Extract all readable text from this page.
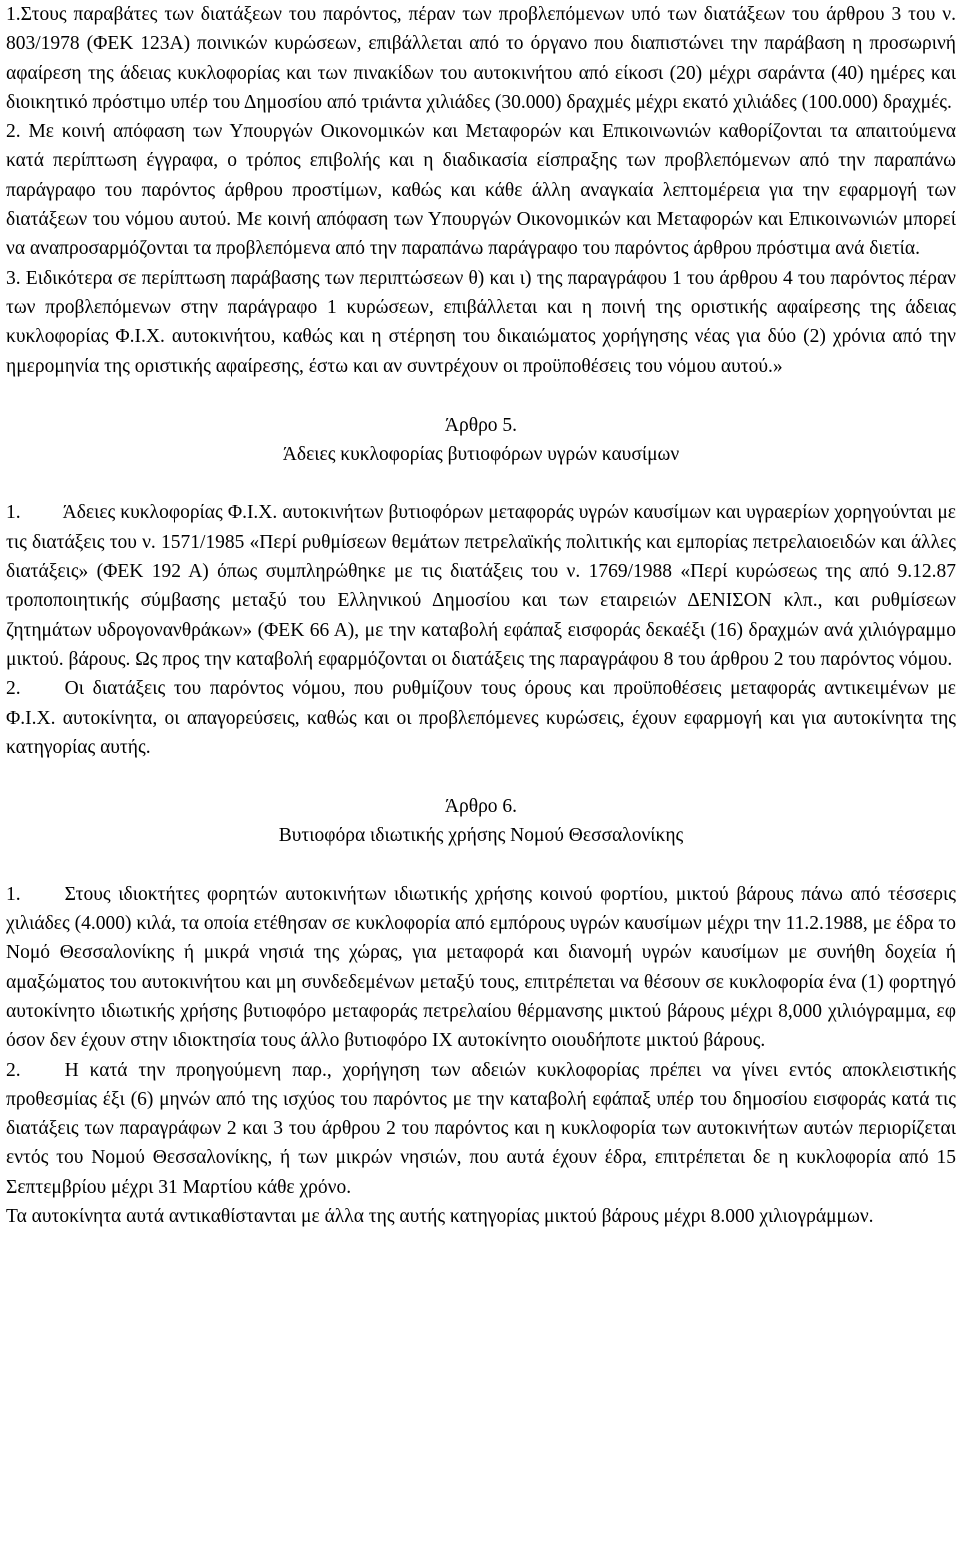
1.Στους παραβάτες των διατάξεων του παρόντος, πέραν των προβλεπόμενων υπό των διατάξεων του άρθρου 3 του ν. 803/1978 (ΦΕΚ 123Α) ποινικών κυρώσεων, επιβάλλεται από το όργανο που διαπιστώνει την παράβαση η προσωρινή αφαίρεση της άδειας κυκλοφορίας και των πινακίδων του αυτοκινήτου από είκοσι (20) μέχρι σαράντα (40) ημέρες και διοικητικό πρόστιμο υπέρ του Δημοσίου από τριάντα χιλιάδες (30.000) δραχμές μέχρι εκατό χιλιάδες (100.000) δραχμές.

2. Με κοινή απόφαση των Υπουργών Οικονομικών και Μεταφορών και Επικοινωνιών καθορίζονται τα απαιτούμενα κατά περίπτωση έγγραφα, ο τρόπος επιβολής και η διαδικασία είσπραξης των προβλεπόμενων από την παραπάνω παράγραφο του παρόντος άρθρου προστίμων, καθώς και κάθε άλλη αναγκαία λεπτομέρεια για την εφαρμογή των διατάξεων του νόμου αυτού. Με κοινή απόφαση των Υπουργών Οικονομικών και Μεταφορών και Επικοινωνιών μπορεί να αναπροσαρμόζονται τα προβλεπόμενα από την παραπάνω παράγραφο του παρόντος άρθρου πρόστιμα ανά διετία.

3. Ειδικότερα σε περίπτωση παράβασης των περιπτώσεων θ) και ι) της παραγράφου 1 του άρθρου 4 του παρόντος πέραν των προβλεπόμενων στην παράγραφο 1 κυρώσεων, επιβάλλεται και η ποινή της οριστικής αφαίρεσης της άδειας κυκλοφορίας Φ.Ι.Χ. αυτοκινήτου, καθώς και η στέρηση του δικαιώματος χορήγησης νέας για δύο (2) χρόνια από την ημερομηνία της οριστικής αφαίρεσης, έστω και αν συντρέχουν οι προϋποθέσεις του νόμου αυτού.»

Άρθρο 5.

Άδειες κυκλοφορίας βυτιοφόρων υγρών καυσίμων

1. Άδειες κυκλοφορίας Φ.Ι.Χ. αυτοκινήτων βυτιοφόρων μεταφοράς υγρών καυσίμων και υγραερίων χορηγούνται με τις διατάξεις του ν. 1571/1985 «Περί ρυθμίσεων θεμάτων πετρελαϊκής πολιτικής και εμπορίας πετρελαιοειδών και άλλες διατάξεις» (ΦΕΚ 192 Α) όπως συμπληρώθηκε με τις διατάξεις του ν. 1769/1988 «Περί κυρώσεως της από 9.12.87 τροποποιητικής σύμβασης μεταξύ του Ελληνικού Δημοσίου και των εταιρειών ΔΕΝΙΣΟΝ κλπ., και ρυθμίσεων ζητημάτων υδρογονανθράκων» (ΦΕΚ 66 Α), με την καταβολή εφάπαξ εισφοράς δεκαέξι (16) δραχμών ανά χιλιόγραμμο μικτού. βάρους. Ως προς την καταβολή εφαρμόζονται οι διατάξεις της παραγράφου 8 του άρθρου 2 του παρόντος νόμου.

2. Οι διατάξεις του παρόντος νόμου, που ρυθμίζουν τους όρους και προϋποθέσεις μεταφοράς αντικειμένων με Φ.Ι.Χ. αυτοκίνητα, οι απαγορεύσεις, καθώς και οι προβλεπόμενες κυρώσεις, έχουν εφαρμογή και για αυτοκίνητα της κατηγορίας αυτής.

Άρθρο 6.

Βυτιοφόρα ιδιωτικής χρήσης Νομού Θεσσαλονίκης

1. Στους ιδιοκτήτες φορητών αυτοκινήτων ιδιωτικής χρήσης κοινού φορτίου, μικτού βάρους πάνω από τέσσερις χιλιάδες (4.000) κιλά, τα οποία ετέθησαν σε κυκλοφορία από εμπόρους υγρών καυσίμων μέχρι την 11.2.1988, με έδρα το Νομό Θεσσαλονίκης ή μικρά νησιά της χώρας, για μεταφορά και διανομή υγρών καυσίμων με συνήθη δοχεία ή αμαξώματος του αυτοκινήτου και μη συνδεδεμένων μεταξύ τους, επιτρέπεται να θέσουν σε κυκλοφορία ένα (1) φορτηγό αυτοκίνητο ιδιωτικής χρήσης βυτιοφόρο μεταφοράς πετρελαίου θέρμανσης μικτού βάρους μέχρι 8,000 χιλιόγραμμα, εφ όσον δεν έχουν στην ιδιοκτησία τους άλλο βυτιοφόρο ΙΧ αυτοκίνητο οιουδήποτε μικτού βάρους.

2. Η κατά την προηγούμενη παρ., χορήγηση των αδειών κυκλοφορίας πρέπει να γίνει εντός αποκλειστικής προθεσμίας έξι (6) μηνών από της ισχύος του παρόντος με την καταβολή εφάπαξ υπέρ του δημοσίου εισφοράς κατά τις διατάξεις των παραγράφων 2 και 3 του άρθρου 2 του παρόντος και η κυκλοφορία των αυτοκινήτων αυτών περιορίζεται εντός του Νομού Θεσσαλονίκης, ή των μικρών νησιών, που αυτά έχουν έδρα, επιτρέπεται δε η κυκλοφορία από 15 Σεπτεμβρίου μέχρι 31 Μαρτίου κάθε χρόνο.

Τα αυτοκίνητα αυτά αντικαθίστανται με άλλα της αυτής κατηγορίας μικτού βάρους μέχρι 8.000 χιλιογράμμων.
